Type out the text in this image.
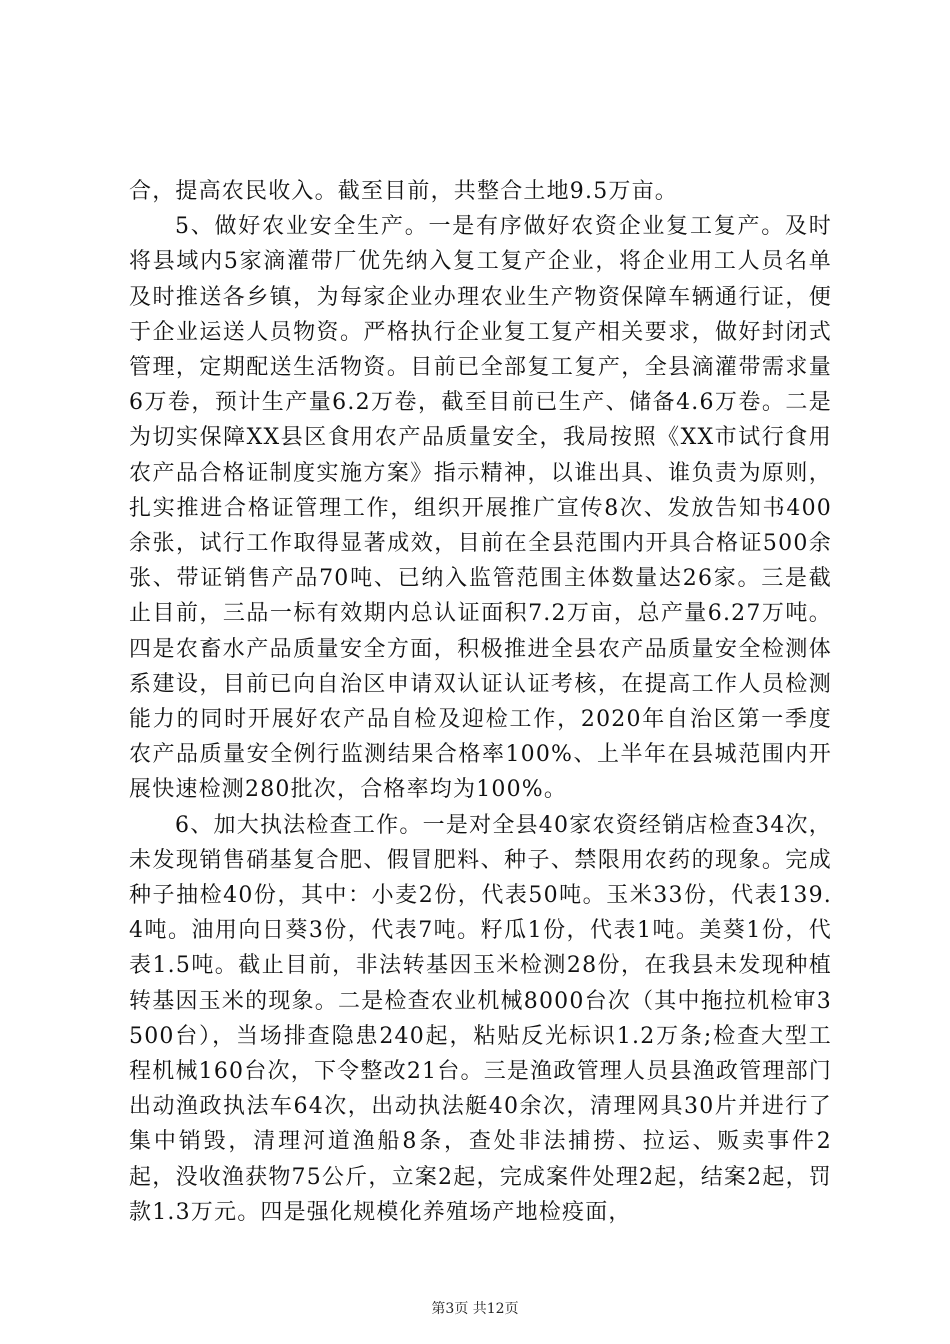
合，提高农民收入。截至目前，共整合土地9.5万亩。

5、做好农业安全生产。一是有序做好农资企业复工复产。及时将县域内5家滴灌带厂优先纳入复工复产企业，将企业用工人员名单及时推送各乡镇，为每家企业办理农业生产物资保障车辆通行证，便于企业运送人员物资。严格执行企业复工复产相关要求，做好封闭式管理，定期配送生活物资。目前已全部复工复产，全县滴灌带需求量6万卷，预计生产量6.2万卷，截至目前已生产、储备4.6万卷。二是为切实保障XX县区食用农产品质量安全，我局按照《XX市试行食用农产品合格证制度实施方案》指示精神，以谁出具、谁负责为原则，扎实推进合格证管理工作，组织开展推广宣传8次、发放告知书400余张，试行工作取得显著成效，目前在全县范围内开具合格证500余张、带证销售产品70吨、已纳入监管范围主体数量达26家。三是截止目前，三品一标有效期内总认证面积7.2万亩，总产量6.27万吨。四是农畜水产品质量安全方面，积极推进全县农产品质量安全检测体系建设，目前已向自治区申请双认证认证考核，在提高工作人员检测能力的同时开展好农产品自检及迎检工作，2020年自治区第一季度农产品质量安全例行监测结果合格率100%、上半年在县城范围内开展快速检测280批次，合格率均为100%。

6、加大执法检查工作。一是对全县40家农资经销店检查34次，未发现销售硝基复合肥、假冒肥料、种子、禁限用农药的现象。完成种子抽检40份，其中：小麦2份，代表50吨。玉米33份，代表139.4吨。油用向日葵3份，代表7吨。籽瓜1份，代表1吨。美葵1份，代表1.5吨。截止目前，非法转基因玉米检测28份，在我县未发现种植转基因玉米的现象。二是检查农业机械8000台次（其中拖拉机检审3500台），当场排查隐患240起，粘贴反光标识1.2万条;检查大型工程机械160台次，下令整改21台。三是渔政管理人员县渔政管理部门出动渔政执法车64次，出动执法艇40余次，清理网具30片并进行了集中销毁，清理河道渔船8条，查处非法捕捞、拉运、贩卖事件2起，没收渔获物75公斤，立案2起，完成案件处理2起，结案2起，罚款1.3万元。四是强化规模化养殖场产地检疫面，

第3页 共12页
